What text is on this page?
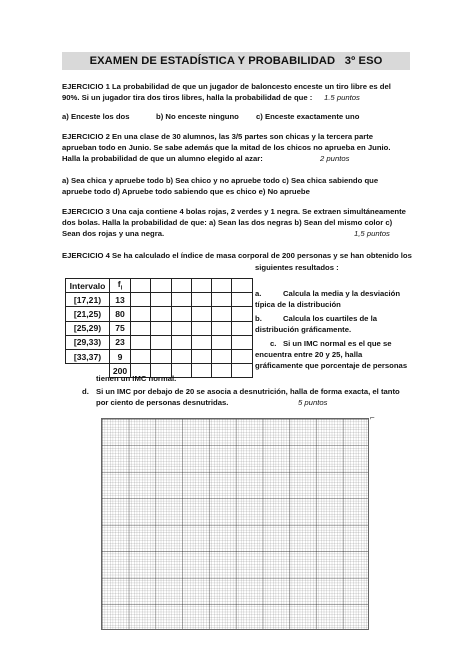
EXAMEN DE ESTADÍSTICA Y PROBABILIDAD   3º ESO
EJERCICIO 1 La probabilidad de que un jugador de baloncesto enceste un tiro libre es del
90%. Si un jugador tira dos tiros libres, halla la probabilidad de que : 1.5 puntos
a) Enceste los dos	b) No enceste ninguno c) Enceste exactamente uno
EJERCICIO 2 En una clase de 30 alumnos, las 3/5 partes son chicas y la tercera parte
aprueban todo en Junio. Se sabe además que la mitad de los chicos no aprueba en Junio.
Halla la probabilidad de que un alumno elegido al azar:	2 puntos
a) Sea chica y apruebe todo b) Sea chico y no apruebe todo c) Sea chica sabiendo que
apruebe todo d) Apruebe todo sabiendo que es chico e) No apruebe
EJERCICIO 3 Una caja contiene 4 bolas rojas, 2 verdes y 1 negra. Se extraen simultáneamente
dos bolas. Halla la probabilidad de que: a) Sean las dos negras b) Sean del mismo color c)
Sean dos rojas y una negra.	1,5 puntos
EJERCICIO 4 Se ha calculado el índice de masa corporal de 200 personas y se han obtenido los
siguientes resultados :
Intervalo	$f_i$						
[17,21)	13						
[21,25)	80						
[25,29)	75						
[29,33)	23						
[33,37)	9						
	200						
a.	Calcula la media y la desviación
típica de la distribución
b.	Calcula los cuartiles de la
distribución gráficamente.
c. Si un IMC normal es el que se
encuentra entre 20 y 25, halla
gráficamente que porcentaje de personas
tienen un IMC normal.
d. Si un IMC por debajo de 20 se asocia a desnutrición, halla de forma exacta, el tanto
por ciento de personas desnutridas.	5 puntos
⌐
